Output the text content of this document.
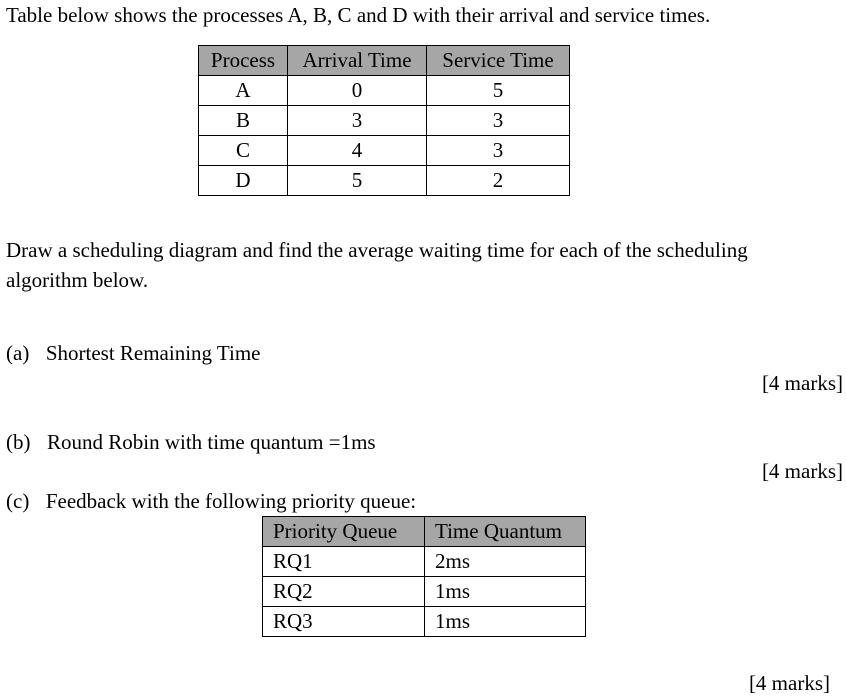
Table below shows the processes A, B, C and D with their arrival and service times.
Process	Arrival Time	Service Time
A	0	5
B	3	3
C	4	3
D	5	2
Draw a scheduling diagram and find the average waiting time for each of the scheduling
algorithm below.
(a) Shortest Remaining Time
[4 marks]
(b) Round Robin with time quantum =1ms
[4 marks]
(c) Feedback with the following priority queue:
Priority Queue	Time Quantum
RQ1	2ms
RQ2	1ms
RQ3	1ms
[4 marks]
